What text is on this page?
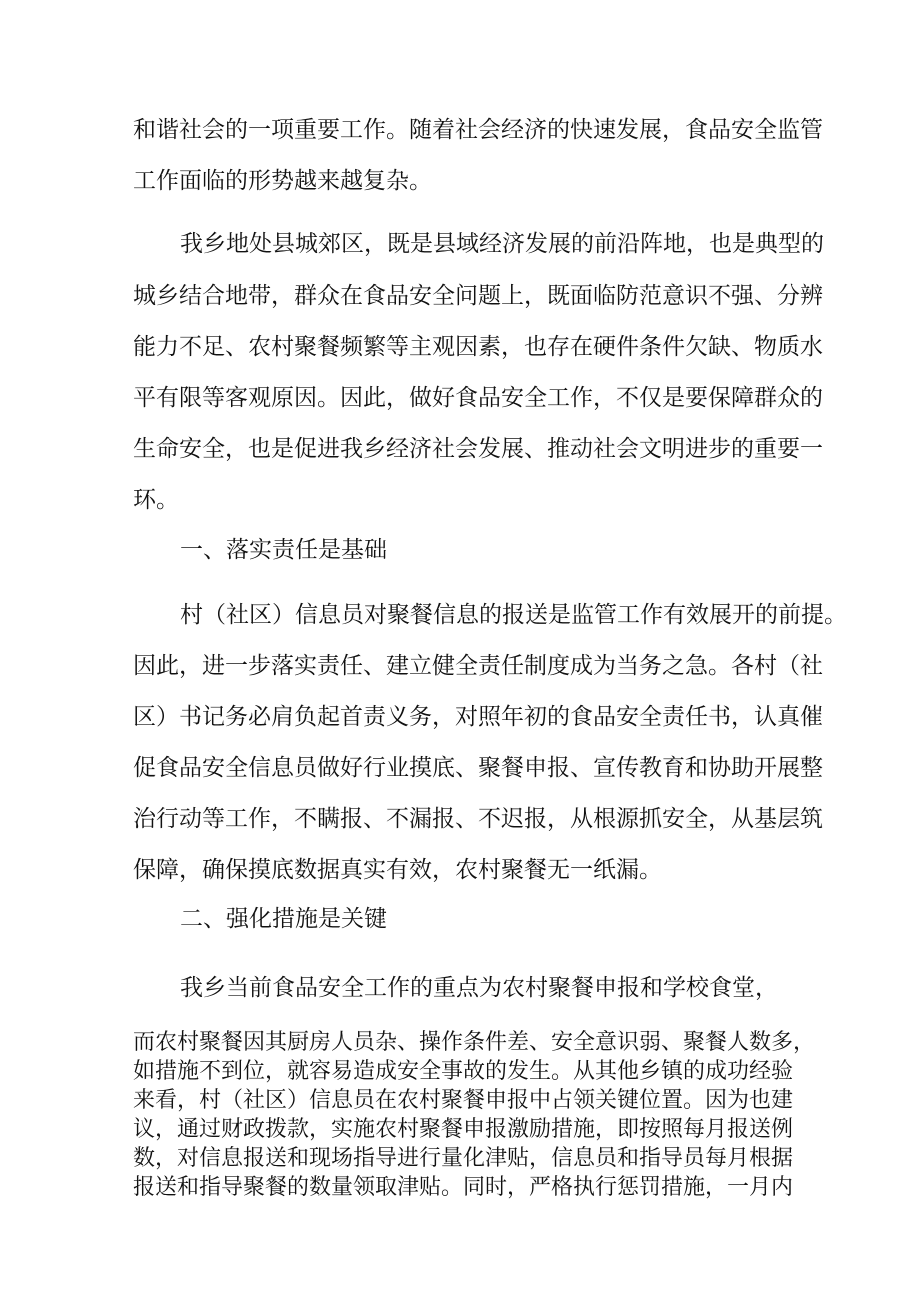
和谐社会的一项重要工作。随着社会经济的快速发展，食品安全监管

工作面临的形势越来越复杂。

我乡地处县城郊区，既是县域经济发展的前沿阵地，也是典型的

城乡结合地带，群众在食品安全问题上，既面临防范意识不强、分辨

能力不足、农村聚餐频繁等主观因素，也存在硬件条件欠缺、物质水

平有限等客观原因。因此，做好食品安全工作，不仅是要保障群众的

生命安全，也是促进我乡经济社会发展、推动社会文明进步的重要一

环。

一、落实责任是基础

村（社区）信息员对聚餐信息的报送是监管工作有效展开的前提。

因此，进一步落实责任、建立健全责任制度成为当务之急。各村（社

区）书记务必肩负起首责义务，对照年初的食品安全责任书，认真催

促食品安全信息员做好行业摸底、聚餐申报、宣传教育和协助开展整

治行动等工作，不瞒报、不漏报、不迟报，从根源抓安全，从基层筑

保障，确保摸底数据真实有效，农村聚餐无一纸漏。

二、强化措施是关键

我乡当前食品安全工作的重点为农村聚餐申报和学校食堂，

而农村聚餐因其厨房人员杂、操作条件差、安全意识弱、聚餐人数多，

如措施不到位，就容易造成安全事故的发生。从其他乡镇的成功经验

来看，村（社区）信息员在农村聚餐申报中占领关键位置。因为也建

议，通过财政拨款，实施农村聚餐申报激励措施，即按照每月报送例

数，对信息报送和现场指导进行量化津贴，信息员和指导员每月根据

报送和指导聚餐的数量领取津贴。同时，严格执行惩罚措施，一月内
